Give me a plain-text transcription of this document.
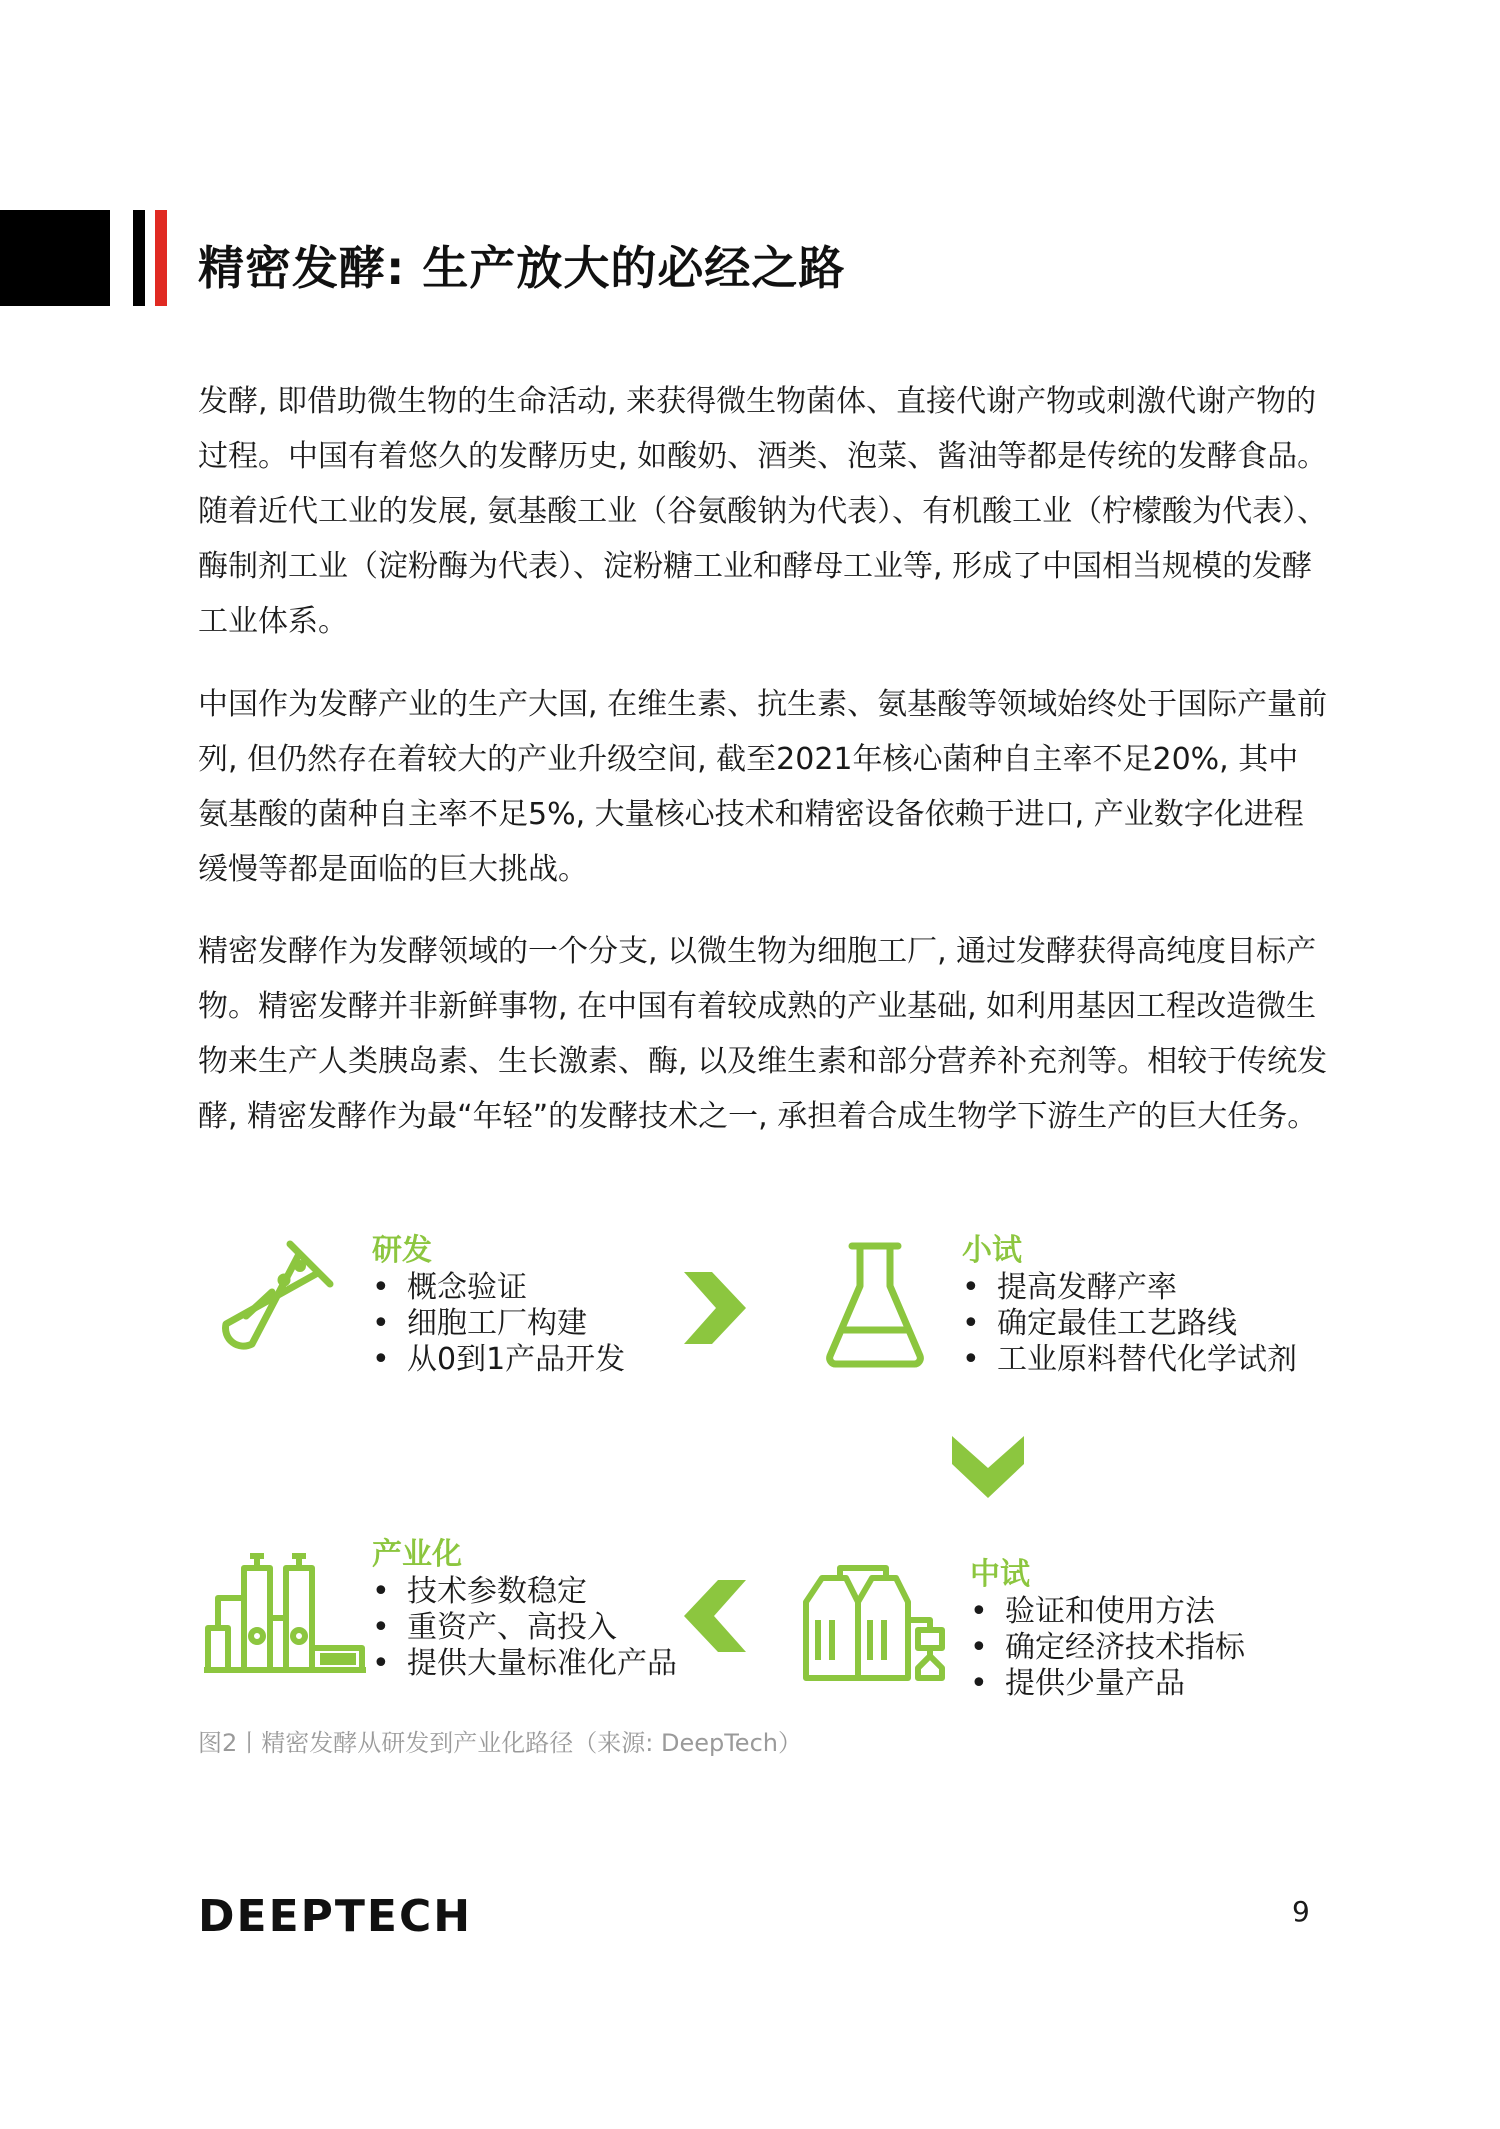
精密发酵: 生产放大的必经之路

发酵, 即借助微生物的生命活动, 来获得微生物菌体、直接代谢产物或刺激代谢产物的过程。中国有着悠久的发酵历史, 如酸奶、酒类、泡菜、酱油等都是传统的发酵食品。随着近代工业的发展, 氨基酸工业（谷氨酸钠为代表）、有机酸工业（柠檬酸为代表）、酶制剂工业（淀粉酶为代表）、淀粉糖工业和酵母工业等, 形成了中国相当规模的发酵工业体系。

中国作为发酵产业的生产大国, 在维生素、抗生素、氨基酸等领域始终处于国际产量前列, 但仍然存在着较大的产业升级空间, 截至2021年核心菌种自主率不足20%, 其中氨基酸的菌种自主率不足5%, 大量核心技术和精密设备依赖于进口, 产业数字化进程缓慢等都是面临的巨大挑战。

精密发酵作为发酵领域的一个分支, 以微生物为细胞工厂, 通过发酵获得高纯度目标产物。精密发酵并非新鲜事物, 在中国有着较成熟的产业基础, 如利用基因工程改造微生物来生产人类胰岛素、生长激素、酶, 以及维生素和部分营养补充剂等。相较于传统发酵, 精密发酵作为最“年轻”的发酵技术之一, 承担着合成生物学下游生产的巨大任务。

研发
• 概念验证
• 细胞工厂构建
• 从0到1产品开发
小试
• 提高发酵产率
• 确定最佳工艺路线
• 工业原料替代化学试剂
中试
• 验证和使用方法
• 确定经济技术指标
• 提供少量产品
产业化
• 技术参数稳定
• 重资产、高投入
• 提供大量标准化产品
图2丨精密发酵从研发到产业化路径（来源: DeepTech）
DEEPTECH	9
